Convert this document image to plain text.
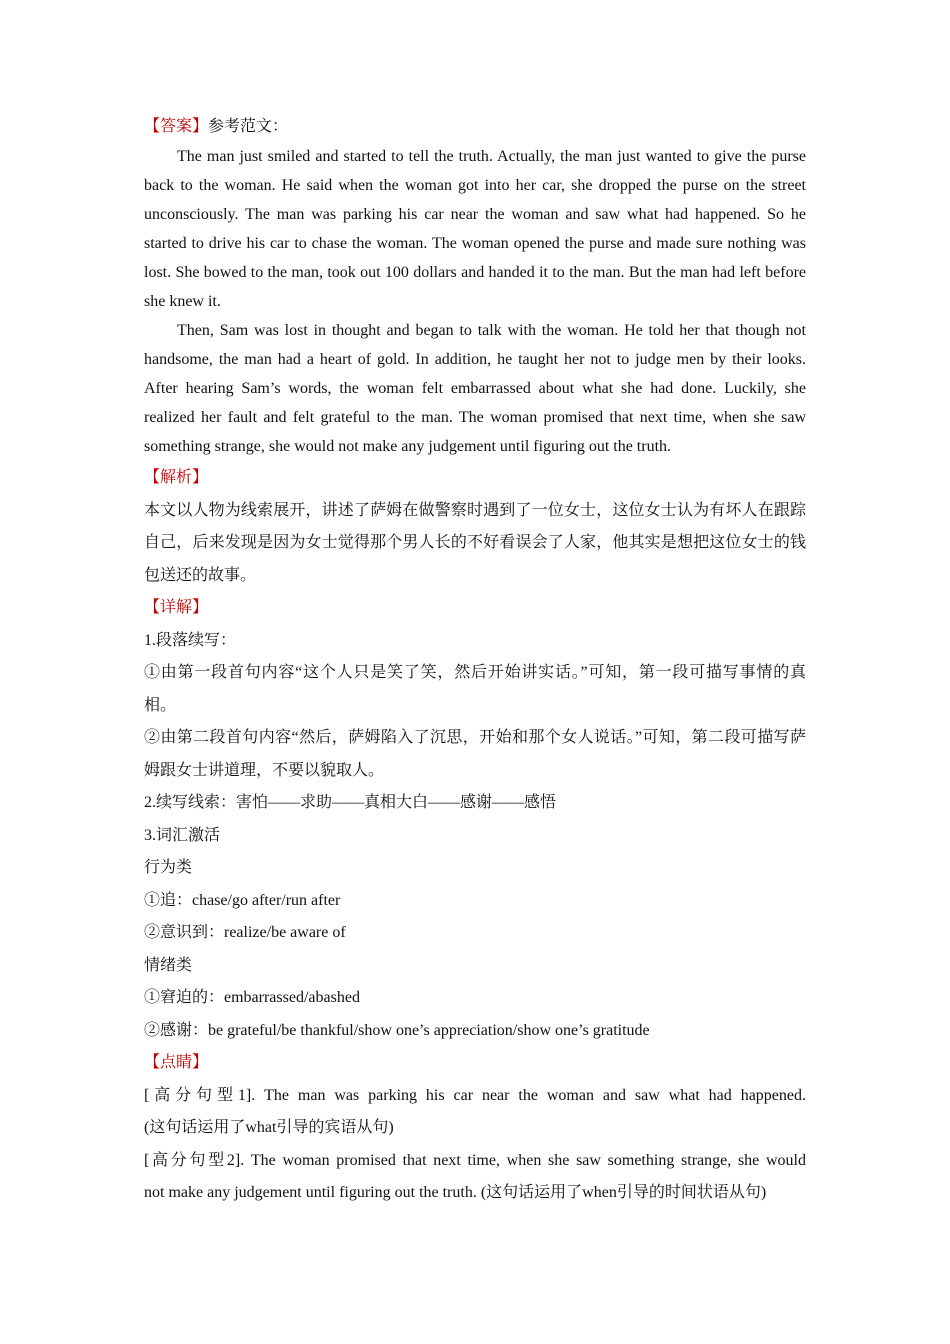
【答案】参考范文：

The man just smiled and started to tell the truth. Actually, the man just wanted to give the purse back to the woman. He said when the woman got into her car, she dropped the purse on the street unconsciously. The man was parking his car near the woman and saw what had happened. So he started to drive his car to chase the woman. The woman opened the purse and made sure nothing was lost. She bowed to the man, took out 100 dollars and handed it to the man. But the man had left before she knew it.

Then, Sam was lost in thought and began to talk with the woman. He told her that though not handsome, the man had a heart of gold. In addition, he taught her not to judge men by their looks. After hearing Sam’s words, the woman felt embarrassed about what she had done. Luckily, she realized her fault and felt grateful to the man. The woman promised that next time, when she saw something strange, she would not make any judgement until figuring out the truth.

【解析】

本文以人物为线索展开，讲述了萨姆在做警察时遇到了一位女士，这位女士认为有坏人在跟踪自己，后来发现是因为女士觉得那个男人长的不好看误会了人家，他其实是想把这位女士的钱包送还的故事。

【详解】
1.段落续写：

①由第一段首句内容“这个人只是笑了笑，然后开始讲实话。”可知，第一段可描写事情的真相。

②由第二段首句内容“然后，萨姆陷入了沉思，开始和那个女人说话。”可知，第二段可描写萨姆跟女士讲道理，不要以貌取人。

2.续写线索：害怕——求助——真相大白——感谢——感悟
3.词汇激活
行为类
①追：chase/go after/run after
②意识到：realize/be aware of
情绪类
①窘迫的：embarrassed/abashed
②感谢：be grateful/be thankful/show one’s appreciation/show one’s gratitude
【点睛】
[高分句型1]. The man was parking his car near the woman and saw what had happened.
(这句话运用了what引导的宾语从句)
[高分句型2]. The woman promised that next time, when she saw something strange, she would
not make any judgement until figuring out the truth. (这句话运用了when引导的时间状语从句)
